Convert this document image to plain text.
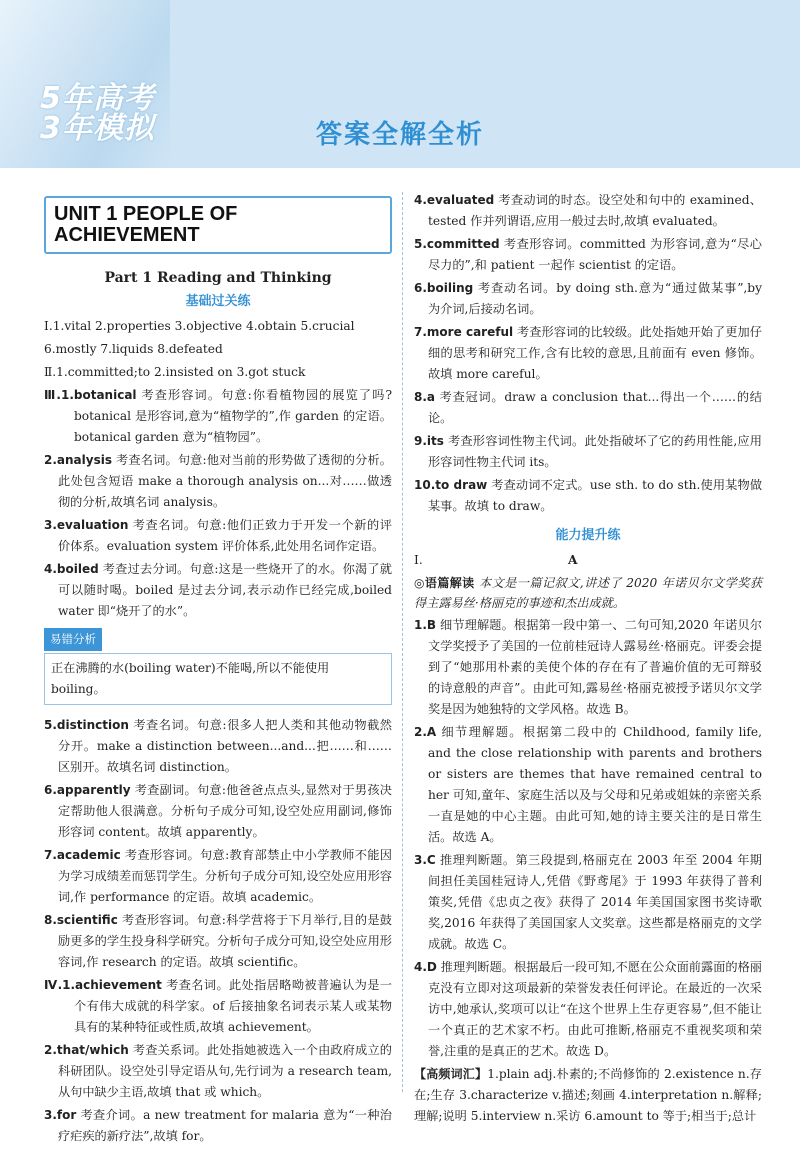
5年高考
3年模拟	答案全解全析
UNIT 1 PEOPLE OF ACHIEVEMENT
Part 1 Reading and Thinking
基础过关练

Ⅰ.1.vital 2.properties 3.objective 4.obtain 5.crucial

6.mostly 7.liquids 8.defeated

Ⅱ.1.committed;to 2.insisted on 3.got stuck

Ⅲ.1.botanical 考查形容词。句意:你看植物园的展览了吗?botanical 是形容词,意为“植物学的”,作 garden 的定语。botanical garden 意为“植物园”。

2.analysis 考查名词。句意:他对当前的形势做了透彻的分析。此处包含短语 make a thorough analysis on...对……做透彻的分析,故填名词 analysis。

3.evaluation 考查名词。句意:他们正致力于开发一个新的评价体系。evaluation system 评价体系,此处用名词作定语。

4.boiled 考查过去分词。句意:这是一些烧开了的水。你渴了就可以随时喝。boiled 是过去分词,表示动作已经完成,boiled water 即“烧开了的水”。

易错分析
正在沸腾的水(boiling water)不能喝,所以不能使用 boiling。

5.distinction 考查名词。句意:很多人把人类和其他动物截然分开。make a distinction between...and...把……和……区别开。故填名词 distinction。

6.apparently 考查副词。句意:他爸爸点点头,显然对于男孩决定帮助他人很满意。分析句子成分可知,设空处应用副词,修饰形容词 content。故填 apparently。

7.academic 考查形容词。句意:教育部禁止中小学教师不能因为学习成绩差而惩罚学生。分析句子成分可知,设空处应用形容词,作 performance 的定语。故填 academic。

8.scientific 考查形容词。句意:科学营将于下月举行,目的是鼓励更多的学生投身科学研究。分析句子成分可知,设空处应用形容词,作 research 的定语。故填 scientific。

Ⅳ.1.achievement 考查名词。此处指居略呦被普遍认为是一个有伟大成就的科学家。of 后接抽象名词表示某人或某物具有的某种特征或性质,故填 achievement。

2.that/which 考查关系词。此处指她被选入一个由政府成立的科研团队。设空处引导定语从句,先行词为 a research team,从句中缺少主语,故填 that 或 which。

3.for 考查介词。a new treatment for malaria 意为“一种治疗疟疾的新疗法”,故填 for。

4.evaluated 考查动词的时态。设空处和句中的 examined、tested 作并列谓语,应用一般过去时,故填 evaluated。

5.committed 考查形容词。committed 为形容词,意为“尽心尽力的”,和 patient 一起作 scientist 的定语。

6.boiling 考查动名词。by doing sth.意为“通过做某事”,by 为介词,后接动名词。

7.more careful 考查形容词的比较级。此处指她开始了更加仔细的思考和研究工作,含有比较的意思,且前面有 even 修饰。故填 more careful。

8.a 考查冠词。draw a conclusion that...得出一个……的结论。

9.its 考查形容词性物主代词。此处指破坏了它的药用性能,应用形容词性物主代词 its。

10.to draw 考查动词不定式。use sth. to do sth.使用某物做某事。故填 to draw。

能力提升练

Ⅰ.	A

◎语篇解读 本文是一篇记叙文,讲述了 2020 年诺贝尔文学奖获得主露易丝·格丽克的事迹和杰出成就。

1.B 细节理解题。根据第一段中第一、二句可知,2020 年诺贝尔文学奖授予了美国的一位前桂冠诗人露易丝·格丽克。评委会提到了“她那用朴素的美使个体的存在有了普遍价值的无可辩驳的诗意般的声音”。由此可知,露易丝·格丽克被授予诺贝尔文学奖是因为她独特的文学风格。故选 B。

2.A 细节理解题。根据第二段中的 Childhood, family life, and the close relationship with parents and brothers or sisters are themes that have remained central to her 可知,童年、家庭生活以及与父母和兄弟或姐妹的亲密关系一直是她的中心主题。由此可知,她的诗主要关注的是日常生活。故选 A。

3.C 推理判断题。第三段提到,格丽克在 2003 年至 2004 年期间担任美国桂冠诗人,凭借《野鸢尾》于 1993 年获得了普利策奖,凭借《忠贞之夜》获得了 2014 年美国国家图书奖诗歌奖,2016 年获得了美国国家人文奖章。这些都是格丽克的文学成就。故选 C。

4.D 推理判断题。根据最后一段可知,不愿在公众面前露面的格丽克没有立即对这项最新的荣誉发表任何评论。在最近的一次采访中,她承认,奖项可以让“在这个世界上生存更容易”,但不能让一个真正的艺术家不朽。由此可推断,格丽克不重视奖项和荣誉,注重的是真正的艺术。故选 D。

【高频词汇】1.plain adj.朴素的;不尚修饰的 2.existence n.存在;生存 3.characterize v.描述;刻画 4.interpretation n.解释;理解;说明 5.interview n.采访 6.amount to 等于;相当于;总计
